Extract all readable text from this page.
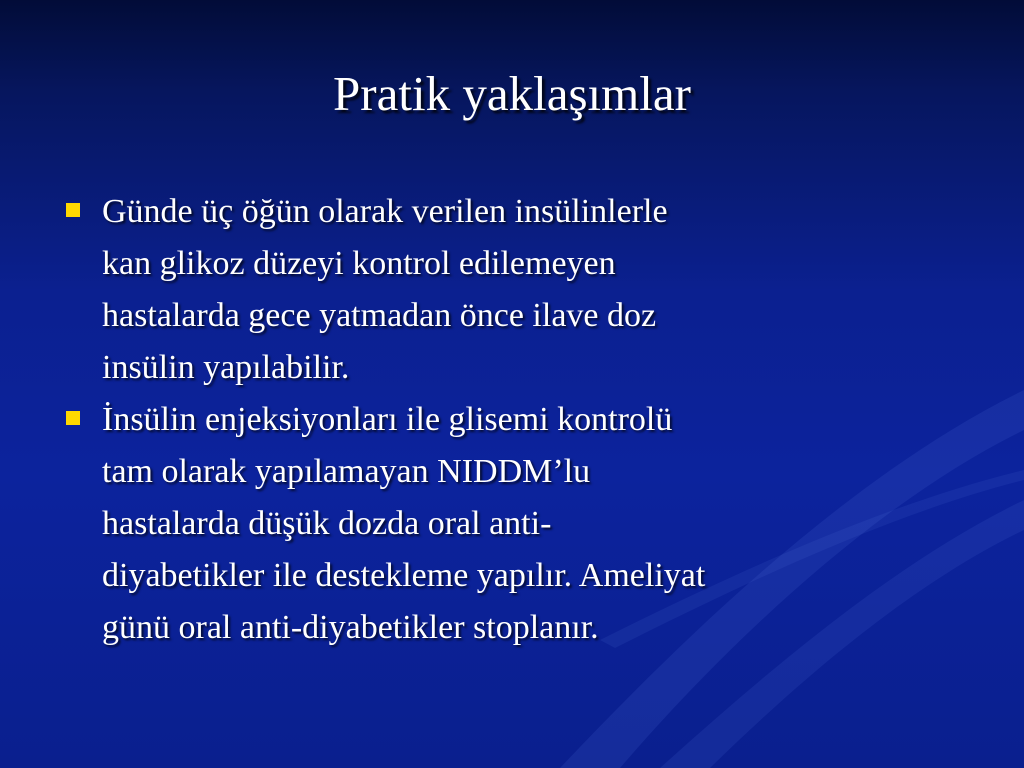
Pratik yaklaşımlar
Günde üç öğün olarak verilen insülinlerle
kan glikoz düzeyi kontrol edilemeyen
hastalarda gece yatmadan önce ilave doz
insülin yapılabilir.
İnsülin enjeksiyonları ile glisemi kontrolü
tam olarak yapılamayan NIDDM’lu
hastalarda düşük dozda oral anti-
diyabetikler ile destekleme yapılır. Ameliyat
günü oral anti-diyabetikler stoplanır.
